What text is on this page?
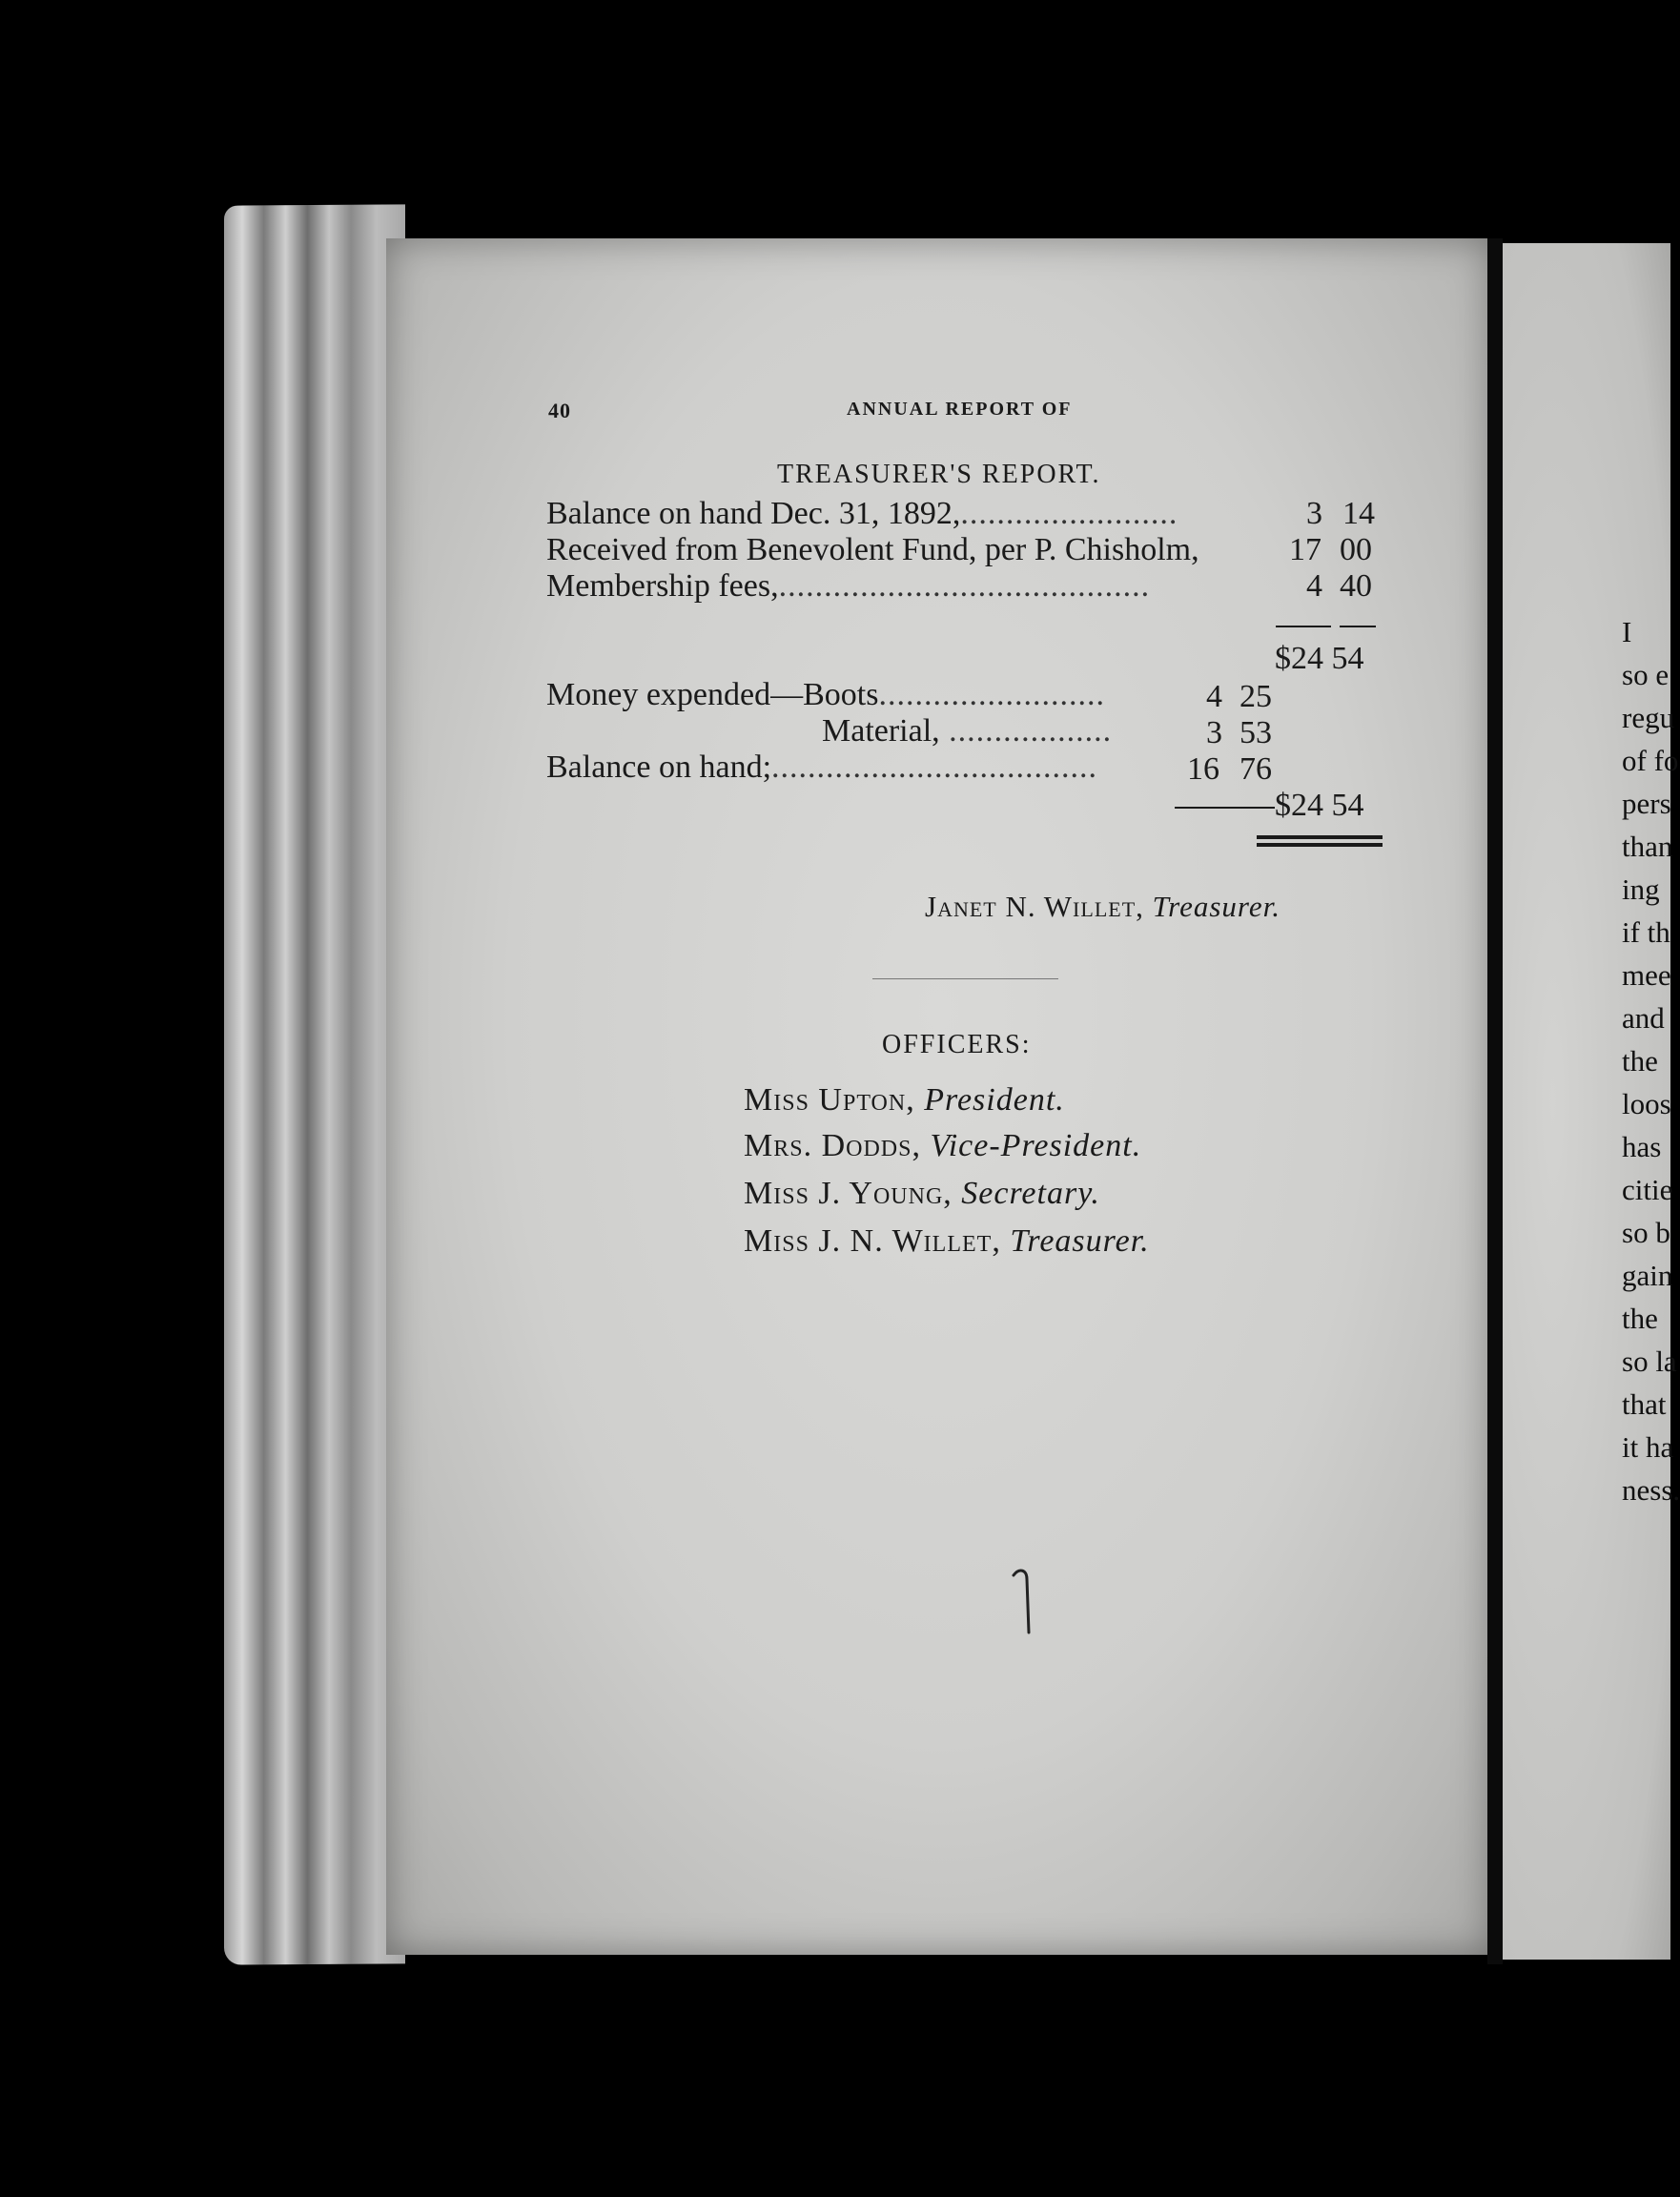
I
so e
regu
of fo
pers
than
ing
if th
mee
and
the
loos
has
citie
so b
gain
the
so la
that
it ha
ness.
40	ANNUAL REPORT OF
TREASURER'S REPORT.
Balance on hand Dec. 31, 1892,........................	3 14
Received from Benevolent Fund, per P. Chisholm,	17 00
Membership fees,.........................................	4 40
$24 54
Money expended—Boots.........................	4 25
Material, ..................	3 53
Balance on hand;....................................	16 76
$24 54
Janet N. Willet, Treasurer.
OFFICERS:
Miss Upton, President.
Mrs. Dodds, Vice-President.
Miss J. Young, Secretary.
Miss J. N. Willet, Treasurer.
